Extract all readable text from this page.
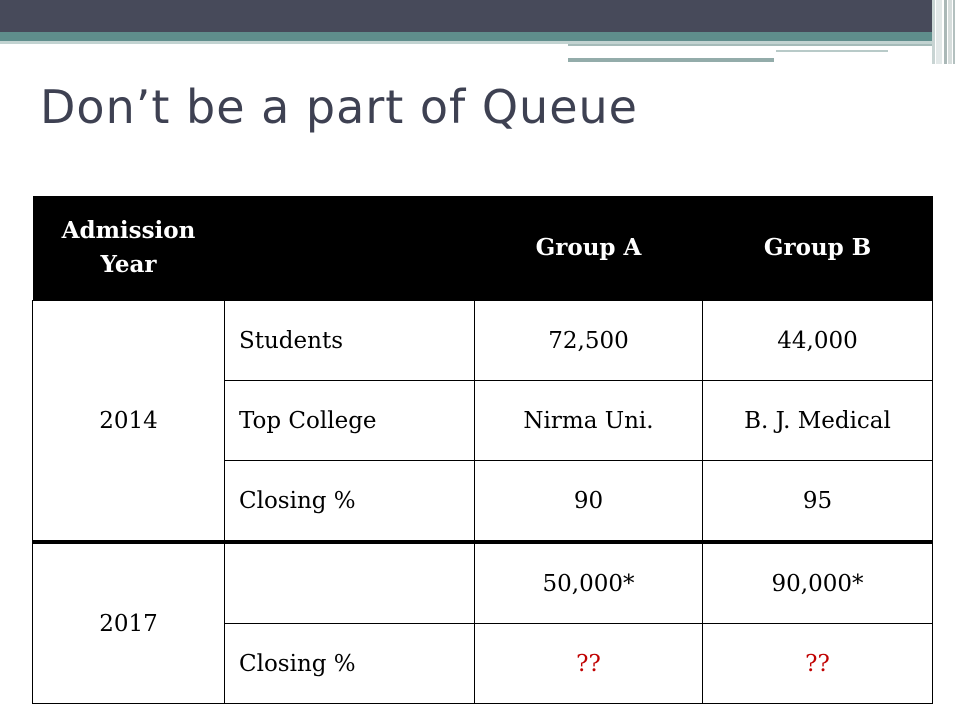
Don’t be a part of Queue
Admission Year		Group A	Group B
2014	Students	72,500	44,000
	Top College	Nirma Uni.	B. J. Medical
	Closing %	90	95
2017		50,000*	90,000*
	Closing %	??	??
